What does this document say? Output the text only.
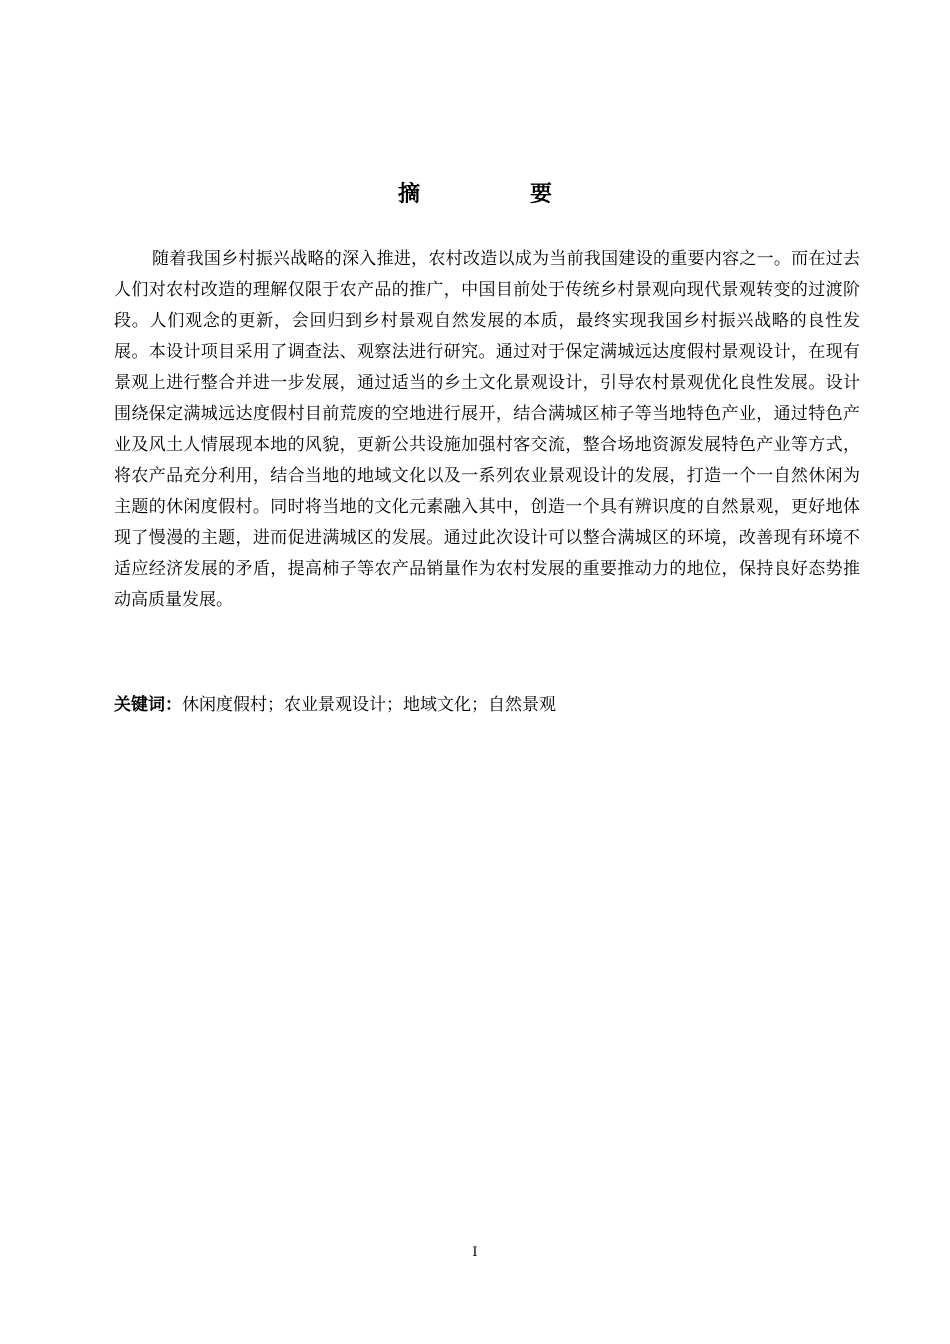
摘　要

随着我国乡村振兴战略的深入推进，农村改造以成为当前我国建设的重要内容之一。而在过去人们对农村改造的理解仅限于农产品的推广，中国目前处于传统乡村景观向现代景观转变的过渡阶段。人们观念的更新，会回归到乡村景观自然发展的本质，最终实现我国乡村振兴战略的良性发展。本设计项目采用了调查法、观察法进行研究。通过对于保定满城远达度假村景观设计，在现有景观上进行整合并进一步发展，通过适当的乡土文化景观设计，引导农村景观优化良性发展。设计围绕保定满城远达度假村目前荒废的空地进行展开，结合满城区柿子等当地特色产业，通过特色产业及风土人情展现本地的风貌，更新公共设施加强村客交流，整合场地资源发展特色产业等方式，将农产品充分利用，结合当地的地域文化以及一系列农业景观设计的发展，打造一个一自然休闲为主题的休闲度假村。同时将当地的文化元素融入其中，创造一个具有辨识度的自然景观，更好地体现了慢漫的主题，进而促进满城区的发展。通过此次设计可以整合满城区的环境，改善现有环境不适应经济发展的矛盾，提高柿子等农产品销量作为农村发展的重要推动力的地位，保持良好态势推动高质量发展。

关键词：休闲度假村；农业景观设计；地域文化；自然景观

I
